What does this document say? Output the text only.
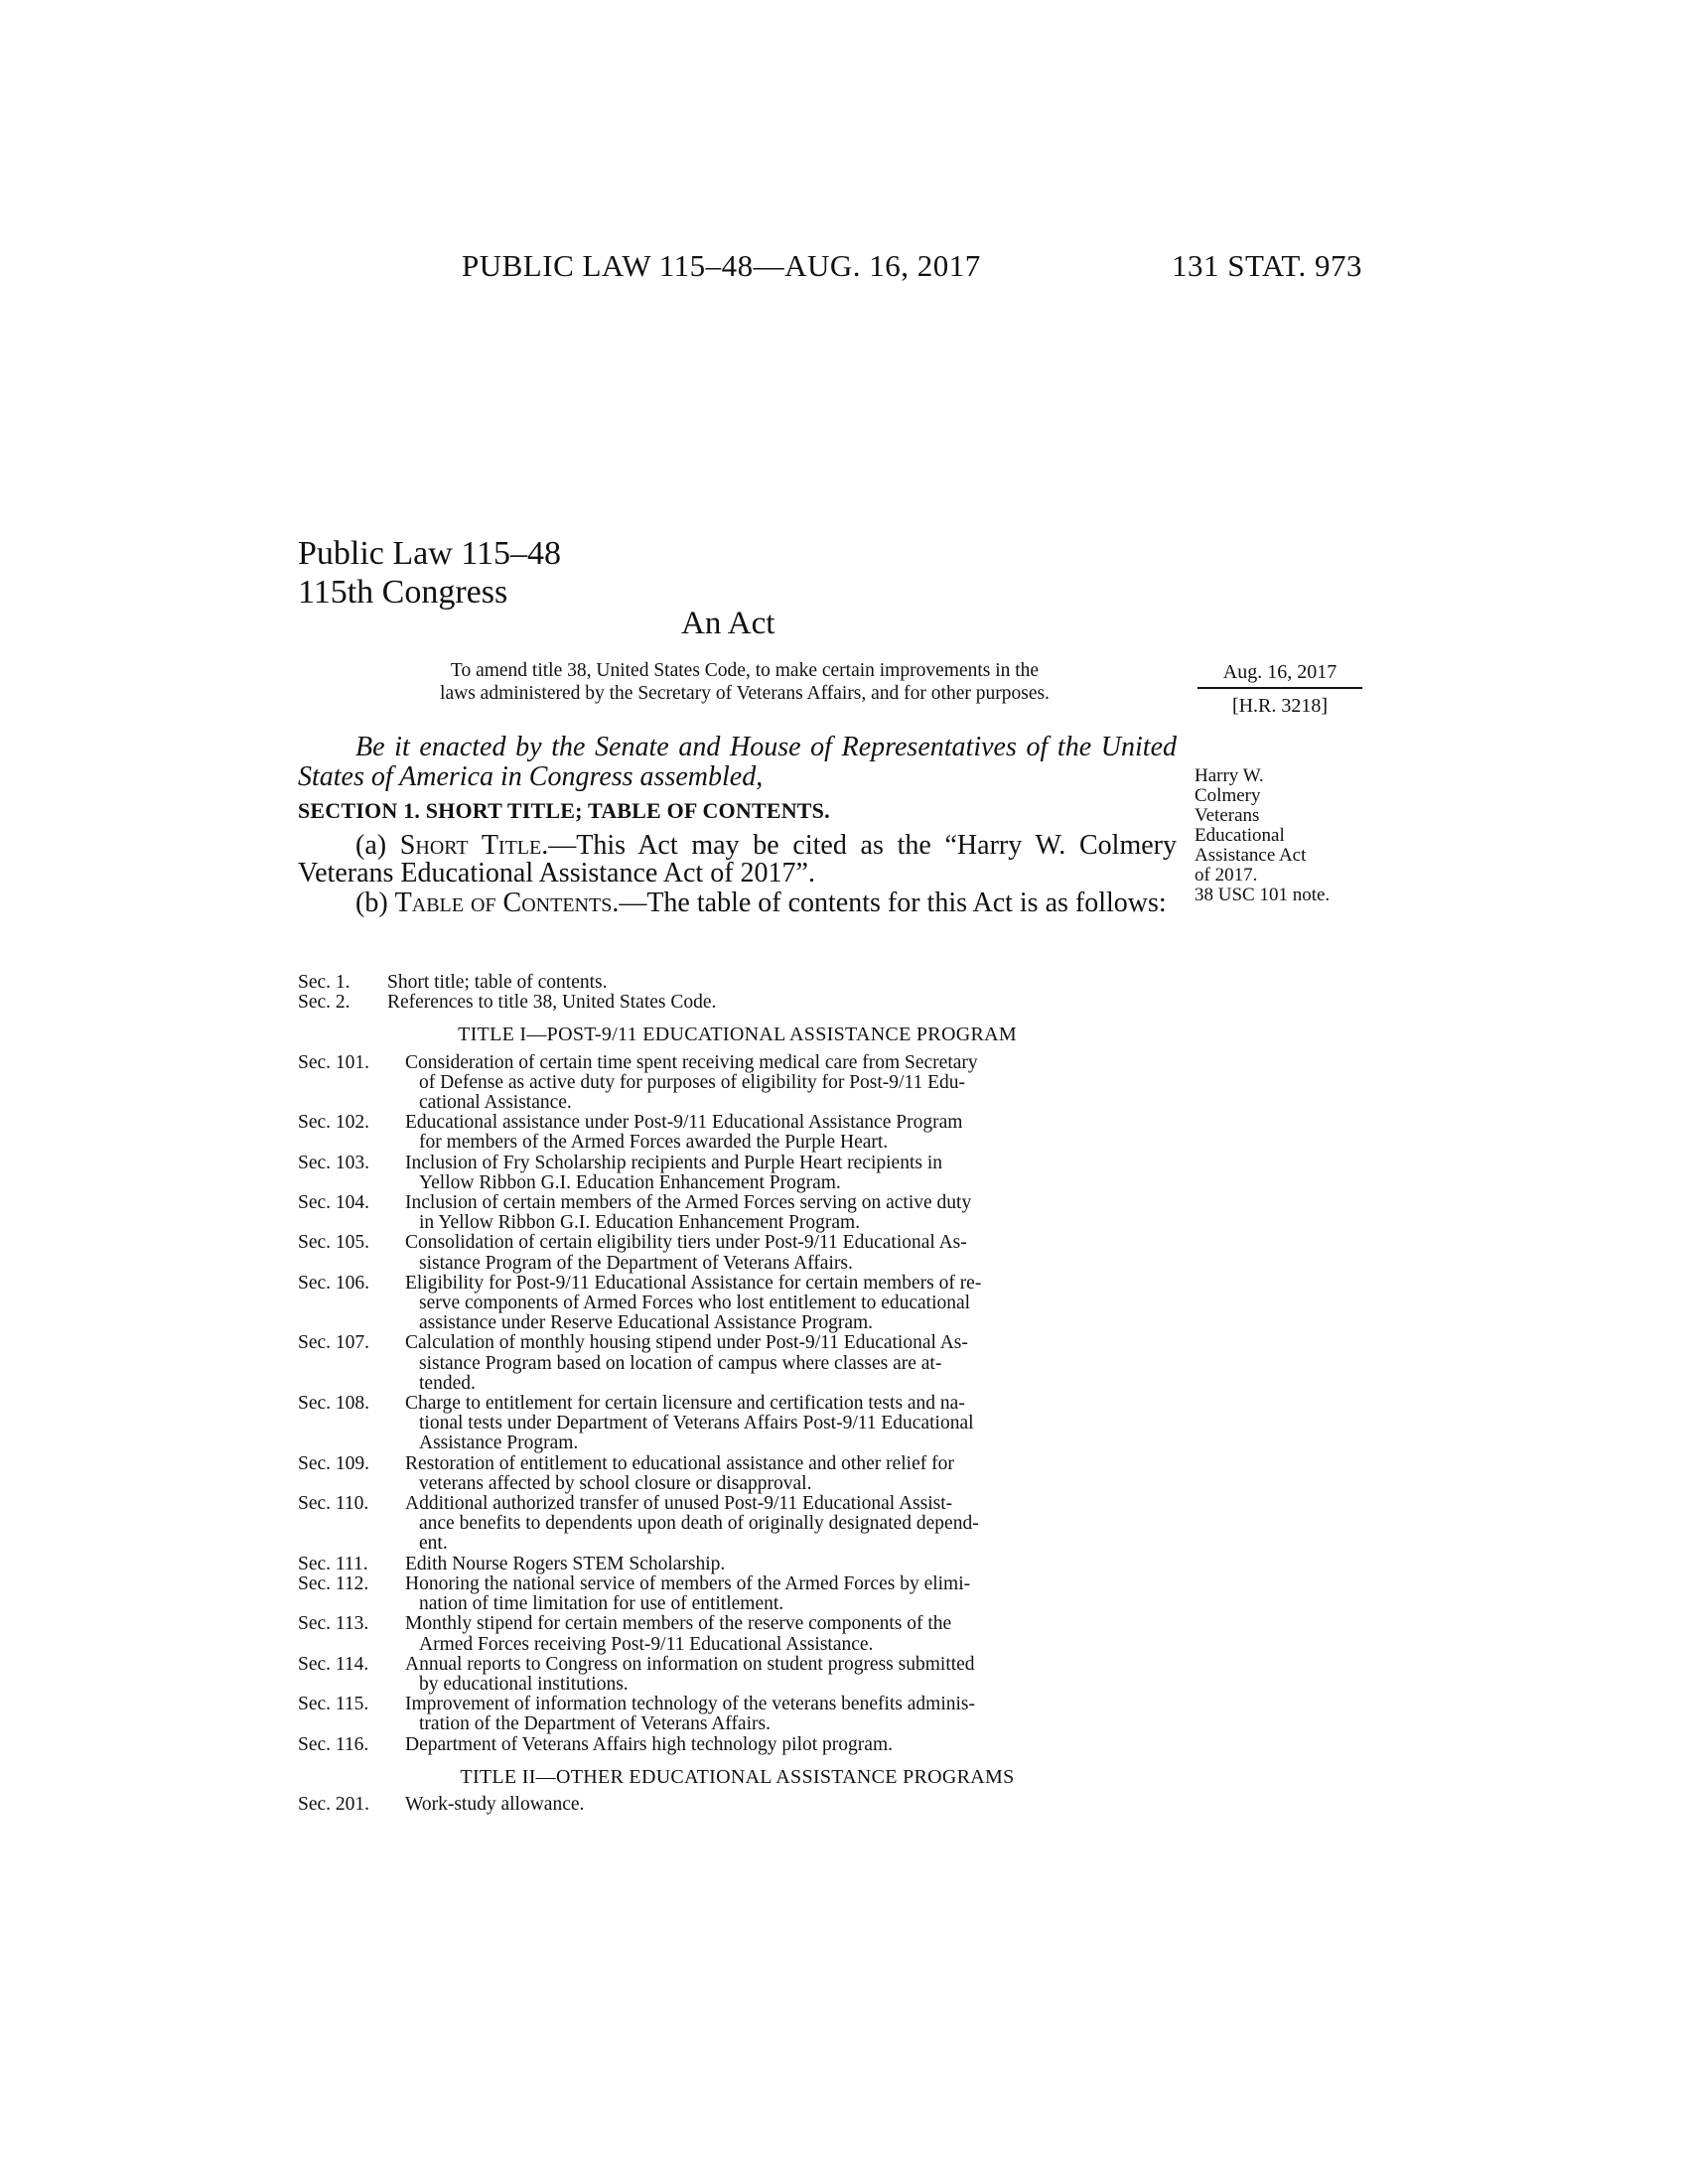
PUBLIC LAW 115–48—AUG. 16, 2017	131 STAT. 973
Public Law 115–48
115th Congress
An Act
To amend title 38, United States Code, to make certain improvements in the
laws administered by the Secretary of Veterans Affairs, and for other purposes.
Aug. 16, 2017
[H.R. 3218]
Harry W.
Colmery
Veterans
Educational
Assistance Act
of 2017.
38 USC 101 note.
Be it enacted by the Senate and House of Representatives of the United States of America in Congress assembled,
SECTION 1. SHORT TITLE; TABLE OF CONTENTS.
(a) Short Title.—This Act may be cited as the “Harry W. Colmery Veterans Educational Assistance Act of 2017”.
(b) Table of Contents.—The table of contents for this Act is as follows:
Sec. 1.	Short title; table of contents.
Sec. 2.	References to title 38, United States Code.
TITLE I—POST-9/11 EDUCATIONAL ASSISTANCE PROGRAM
Sec. 101.	Consideration of certain time spent receiving medical care from Secretary
of Defense as active duty for purposes of eligibility for Post-9/11 Edu-
cational Assistance.
Sec. 102.	Educational assistance under Post-9/11 Educational Assistance Program
for members of the Armed Forces awarded the Purple Heart.
Sec. 103.	Inclusion of Fry Scholarship recipients and Purple Heart recipients in
Yellow Ribbon G.I. Education Enhancement Program.
Sec. 104.	Inclusion of certain members of the Armed Forces serving on active duty
in Yellow Ribbon G.I. Education Enhancement Program.
Sec. 105.	Consolidation of certain eligibility tiers under Post-9/11 Educational As-
sistance Program of the Department of Veterans Affairs.
Sec. 106.	Eligibility for Post-9/11 Educational Assistance for certain members of re-
serve components of Armed Forces who lost entitlement to educational
assistance under Reserve Educational Assistance Program.
Sec. 107.	Calculation of monthly housing stipend under Post-9/11 Educational As-
sistance Program based on location of campus where classes are at-
tended.
Sec. 108.	Charge to entitlement for certain licensure and certification tests and na-
tional tests under Department of Veterans Affairs Post-9/11 Educational
Assistance Program.
Sec. 109.	Restoration of entitlement to educational assistance and other relief for
veterans affected by school closure or disapproval.
Sec. 110.	Additional authorized transfer of unused Post-9/11 Educational Assist-
ance benefits to dependents upon death of originally designated depend-
ent.
Sec. 111.	Edith Nourse Rogers STEM Scholarship.
Sec. 112.	Honoring the national service of members of the Armed Forces by elimi-
nation of time limitation for use of entitlement.
Sec. 113.	Monthly stipend for certain members of the reserve components of the
Armed Forces receiving Post-9/11 Educational Assistance.
Sec. 114.	Annual reports to Congress on information on student progress submitted
by educational institutions.
Sec. 115.	Improvement of information technology of the veterans benefits adminis-
tration of the Department of Veterans Affairs.
Sec. 116.	Department of Veterans Affairs high technology pilot program.
TITLE II—OTHER EDUCATIONAL ASSISTANCE PROGRAMS
Sec. 201.	Work-study allowance.
